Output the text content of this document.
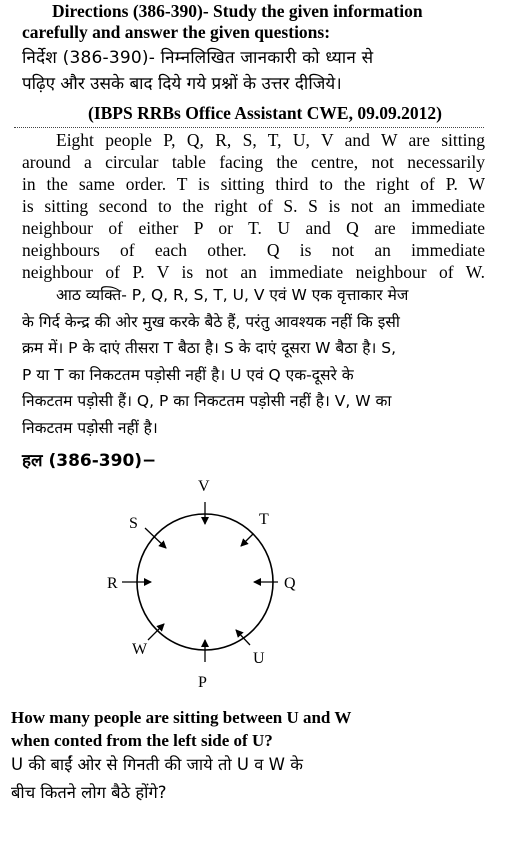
Directions (386-390)- Study the given information
carefully and answer the given questions:
निर्देश (386-390)- निम्नलिखित जानकारी को ध्यान से
पढ़िए और उसके बाद दिये गये प्रश्नों के उत्तर दीजिये।
(IBPS RRBs Office Assistant CWE, 09.09.2012)
Eight people P, Q, R, S, T, U, V and W are sitting
around a circular table facing the centre, not necessarily
in the same order. T is sitting third to the right of P. W
is sitting second to the right of S. S is not an immediate
neighbour of either P or T. U and Q are immediate
neighbours of each other. Q is not an immediate
neighbour of P. V is not an immediate neighbour of W.
आठ व्यक्ति- P, Q, R, S, T, U, V एवं W एक वृत्ताकार मेज
के गिर्द केन्द्र की ओर मुख करके बैठे हैं, परंतु आवश्यक नहीं कि इसी
क्रम में। P के दाएं तीसरा T बैठा है। S के दाएं दूसरा W बैठा है। S,
P या T का निकटतम पड़ोसी नहीं है। U एवं Q एक-दूसरे के
निकटतम पड़ोसी हैं। Q, P का निकटतम पड़ोसी नहीं है। V, W का
निकटतम पड़ोसी नहीं है।
हल (386-390)−
V
T
Q
U
P
W
R
S
How many people are sitting between U and W
when conted from the left side of U?
U की बाईं ओर से गिनती की जाये तो U व W के
बीच कितने लोग बैठे होंगे?
